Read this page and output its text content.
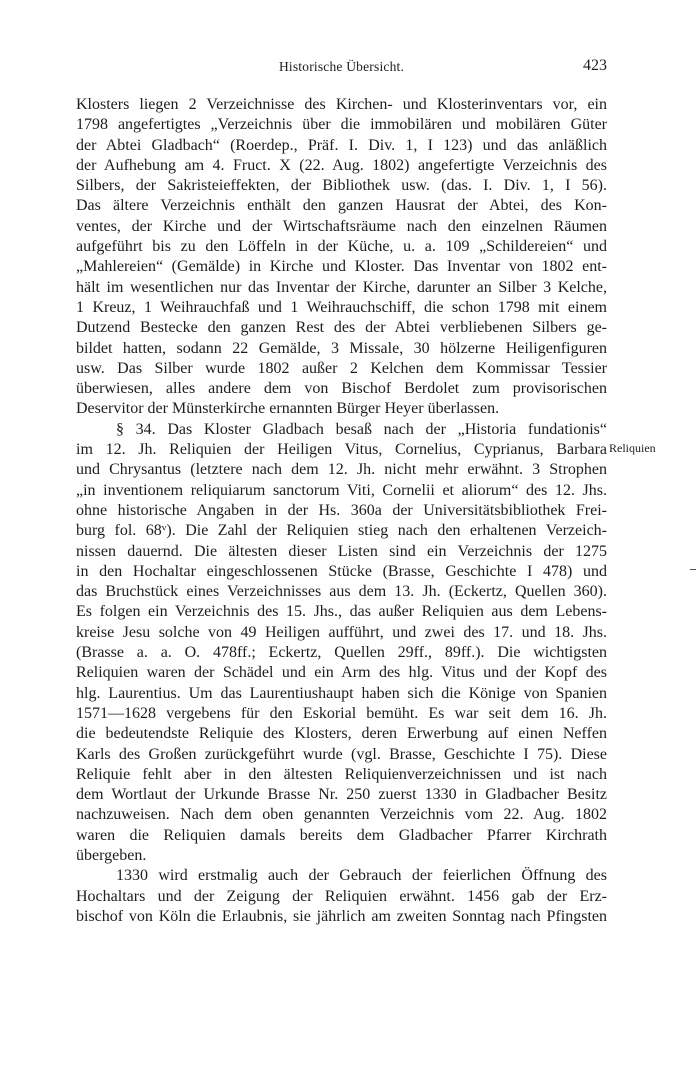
Historische Übersicht.	423
Klosters liegen 2 Verzeichnisse des Kirchen- und Klosterinventars vor, ein
1798 angefertigtes „Verzeichnis über die immobilären und mobilären Güter
der Abtei Gladbach“ (Roerdep., Präf. I. Div. 1, I 123) und das anläßlich
der Aufhebung am 4. Fruct. X (22. Aug. 1802) angefertigte Verzeichnis des
Silbers, der Sakristeieffekten, der Bibliothek usw. (das. I. Div. 1, I 56).
Das ältere Verzeichnis enthält den ganzen Hausrat der Abtei, des Kon-
ventes, der Kirche und der Wirtschaftsräume nach den einzelnen Räumen
aufgeführt bis zu den Löffeln in der Küche, u. a. 109 „Schildereien“ und
„Mahlereien“ (Gemälde) in Kirche und Kloster. Das Inventar von 1802 ent-
hält im wesentlichen nur das Inventar der Kirche, darunter an Silber 3 Kelche,
1 Kreuz, 1 Weihrauchfaß und 1 Weihrauchschiff, die schon 1798 mit einem
Dutzend Bestecke den ganzen Rest des der Abtei verbliebenen Silbers ge-
bildet hatten, sodann 22 Gemälde, 3 Missale, 30 hölzerne Heiligenfiguren
usw. Das Silber wurde 1802 außer 2 Kelchen dem Kommissar Tessier
überwiesen, alles andere dem von Bischof Berdolet zum provisorischen
Deservitor der Münsterkirche ernannten Bürger Heyer überlassen.
§ 34. Das Kloster Gladbach besaß nach der „Historia fundationis“
im 12. Jh. Reliquien der Heiligen Vitus, Cornelius, Cyprianus, Barbara
und Chrysantus (letztere nach dem 12. Jh. nicht mehr erwähnt. 3 Strophen
„in inventionem reliquiarum sanctorum Viti, Cornelii et aliorum“ des 12. Jhs.
ohne historische Angaben in der Hs. 360a der Universitätsbibliothek Frei-
burg fol. 68ᵛ). Die Zahl der Reliquien stieg nach den erhaltenen Verzeich-
nissen dauernd. Die ältesten dieser Listen sind ein Verzeichnis der 1275
in den Hochaltar eingeschlossenen Stücke (Brasse, Geschichte I 478) und
das Bruchstück eines Verzeichnisses aus dem 13. Jh. (Eckertz, Quellen 360).
Es folgen ein Verzeichnis des 15. Jhs., das außer Reliquien aus dem Lebens-
kreise Jesu solche von 49 Heiligen aufführt, und zwei des 17. und 18. Jhs.
(Brasse a. a. O. 478ff.; Eckertz, Quellen 29ff., 89ff.). Die wichtigsten
Reliquien waren der Schädel und ein Arm des hlg. Vitus und der Kopf des
hlg. Laurentius. Um das Laurentiushaupt haben sich die Könige von Spanien
1571—1628 vergebens für den Eskorial bemüht. Es war seit dem 16. Jh.
die bedeutendste Reliquie des Klosters, deren Erwerbung auf einen Neffen
Karls des Großen zurückgeführt wurde (vgl. Brasse, Geschichte I 75). Diese
Reliquie fehlt aber in den ältesten Reliquienverzeichnissen und ist nach
dem Wortlaut der Urkunde Brasse Nr. 250 zuerst 1330 in Gladbacher Besitz
nachzuweisen. Nach dem oben genannten Verzeichnis vom 22. Aug. 1802
waren die Reliquien damals bereits dem Gladbacher Pfarrer Kirchrath
übergeben.
1330 wird erstmalig auch der Gebrauch der feierlichen Öffnung des
Hochaltars und der Zeigung der Reliquien erwähnt. 1456 gab der Erz-
bischof von Köln die Erlaubnis, sie jährlich am zweiten Sonntag nach Pfingsten
Reliquien
